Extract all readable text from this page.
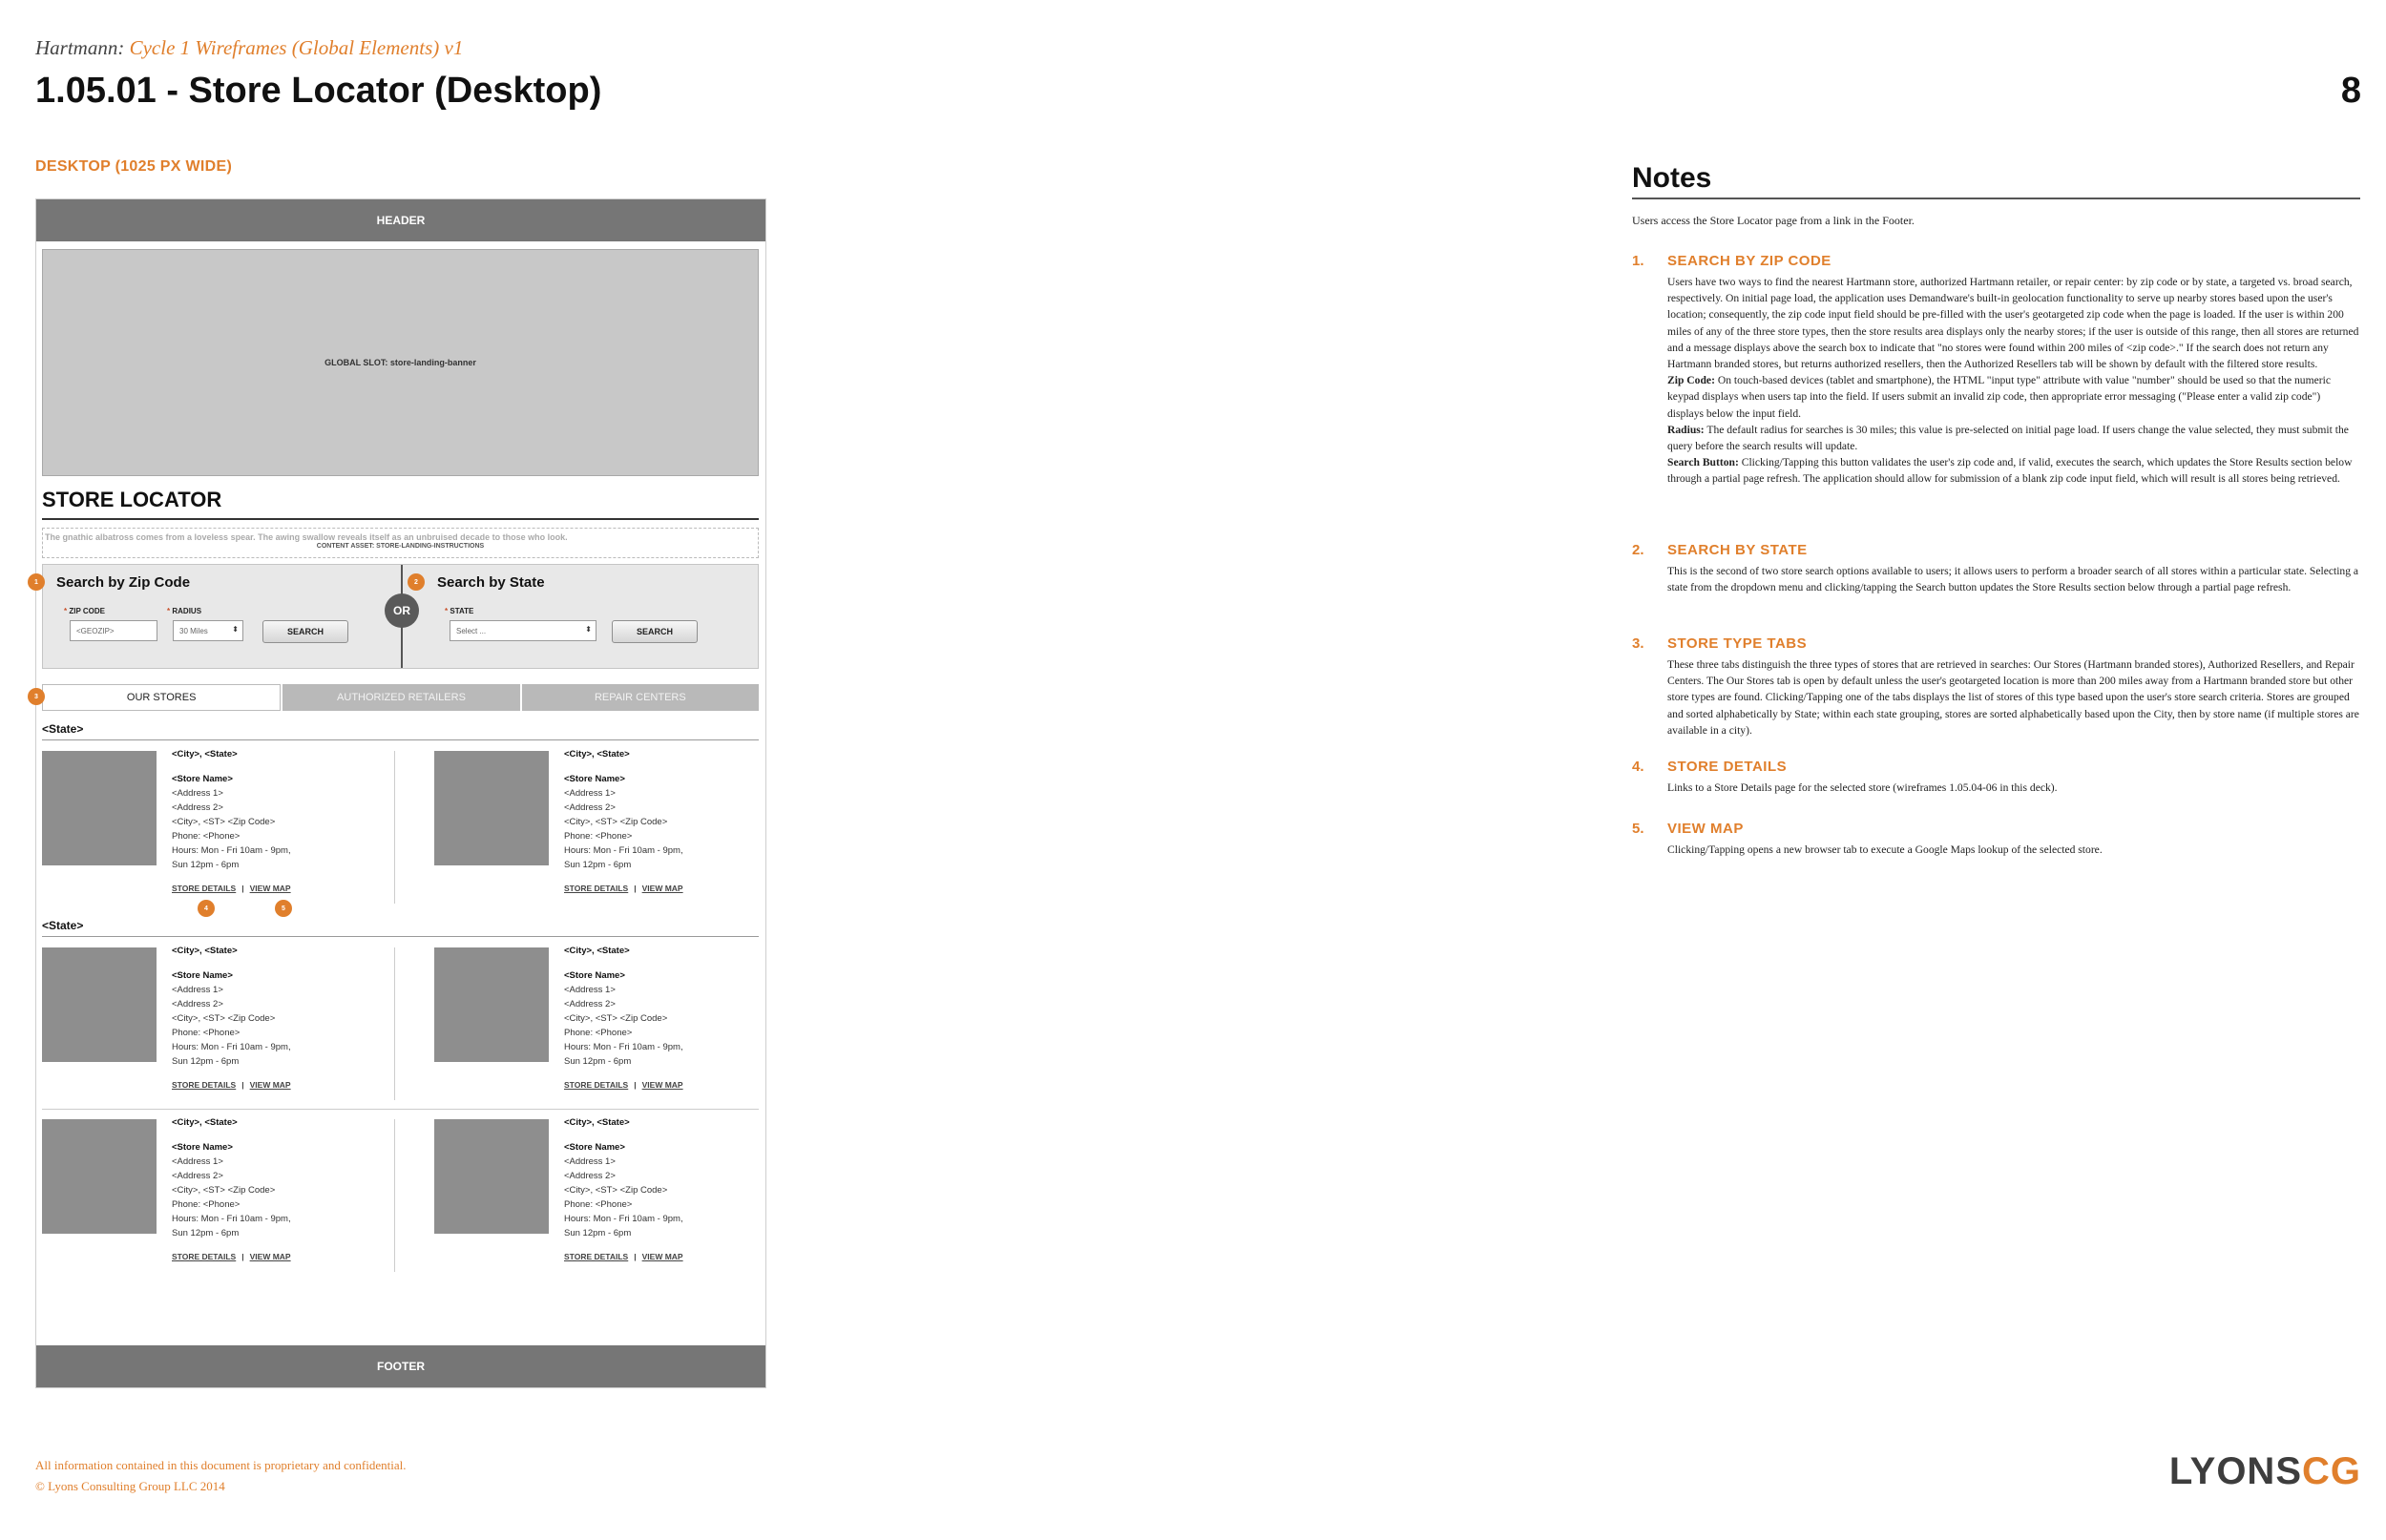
Hartmann: Cycle 1 Wireframes (Global Elements) v1
1.05.01 - Store Locator (Desktop)	8
DESKTOP (1025 PX WIDE)
HEADER
GLOBAL SLOT: store-landing-banner
STORE LOCATOR
The gnathic albatross comes from a loveless spear. The awing swallow reveals itself as an unbruised decade to those who look.
CONTENT ASSET: STORE-LANDING-INSTRUCTIONS
Search by Zip Code
* ZIP CODE
<GEOZIP>
* RADIUS
30 Miles	⬍	SEARCH
OR
Search by State
* STATE
Select ...	⬍	SEARCH
OUR STORES	AUTHORIZED RETAILERS	REPAIR CENTERS
<State>
<City>, <State>
<Store Name>
<Address 1>
<Address 2>
<City>, <ST> <Zip Code>
Phone: <Phone>
Hours: Mon - Fri 10am - 9pm,
Sun 12pm - 6pm
STORE DETAILS | VIEW MAP
<City>, <State>
<Store Name>
<Address 1>
<Address 2>
<City>, <ST> <Zip Code>
Phone: <Phone>
Hours: Mon - Fri 10am - 9pm,
Sun 12pm - 6pm
STORE DETAILS | VIEW MAP
<State>
<City>, <State>
<Store Name>
<Address 1>
<Address 2>
<City>, <ST> <Zip Code>
Phone: <Phone>
Hours: Mon - Fri 10am - 9pm,
Sun 12pm - 6pm
STORE DETAILS | VIEW MAP
<City>, <State>
<Store Name>
<Address 1>
<Address 2>
<City>, <ST> <Zip Code>
Phone: <Phone>
Hours: Mon - Fri 10am - 9pm,
Sun 12pm - 6pm
STORE DETAILS | VIEW MAP
<City>, <State>
<Store Name>
<Address 1>
<Address 2>
<City>, <ST> <Zip Code>
Phone: <Phone>
Hours: Mon - Fri 10am - 9pm,
Sun 12pm - 6pm
STORE DETAILS | VIEW MAP
<City>, <State>
<Store Name>
<Address 1>
<Address 2>
<City>, <ST> <Zip Code>
Phone: <Phone>
Hours: Mon - Fri 10am - 9pm,
Sun 12pm - 6pm
STORE DETAILS | VIEW MAP
FOOTER
1	2
3
4	5
Notes
Users access the Store Locator page from a link in the Footer.
1. SEARCH BY ZIP CODE

Users have two ways to find the nearest Hartmann store, authorized Hartmann retailer, or repair center: by zip code or by state, a targeted vs. broad search, respectively. On initial page load, the application uses Demandware's built-in geolocation functionality to serve up nearby stores based upon the user's location; consequently, the zip code input field should be pre-filled with the user's geotargeted zip code when the page is loaded. If the user is within 200 miles of any of the three store types, then the store results area displays only the nearby stores; if the user is outside of this range, then all stores are returned and a message displays above the search box to indicate that "no stores were found within 200 miles of <zip code>." If the search does not return any Hartmann branded stores, but returns authorized resellers, then the Authorized Resellers tab will be shown by default with the filtered store results.

Zip Code: On touch-based devices (tablet and smartphone), the HTML "input type" attribute with value "number" should be used so that the numeric keypad displays when users tap into the field. If users submit an invalid zip code, then appropriate error messaging ("Please enter a valid zip code") displays below the input field.

Radius: The default radius for searches is 30 miles; this value is pre-selected on initial page load. If users change the value selected, they must submit the query before the search results will update.

Search Button: Clicking/Tapping this button validates the user's zip code and, if valid, executes the search, which updates the Store Results section below through a partial page refresh. The application should allow for submission of a blank zip code input field, which will result is all stores being retrieved.

2. SEARCH BY STATE

This is the second of two store search options available to users; it allows users to perform a broader search of all stores within a particular state. Selecting a state from the dropdown menu and clicking/tapping the Search button updates the Store Results section below through a partial page refresh.

3. STORE TYPE TABS

These three tabs distinguish the three types of stores that are retrieved in searches: Our Stores (Hartmann branded stores), Authorized Resellers, and Repair Centers. The Our Stores tab is open by default unless the user's geotargeted location is more than 200 miles away from a Hartmann branded store but other store types are found. Clicking/Tapping one of the tabs displays the list of stores of this type based upon the user's store search criteria. Stores are grouped and sorted alphabetically by State; within each state grouping, stores are sorted alphabetically based upon the City, then by store name (if multiple stores are available in a city).

4. STORE DETAILS

Links to a Store Details page for the selected store (wireframes 1.05.04-06 in this deck).

5. VIEW MAP

Clicking/Tapping opens a new browser tab to execute a Google Maps lookup of the selected store.

All information contained in this document is proprietary and confidential.
© Lyons Consulting Group LLC 2014	LYONSCG
